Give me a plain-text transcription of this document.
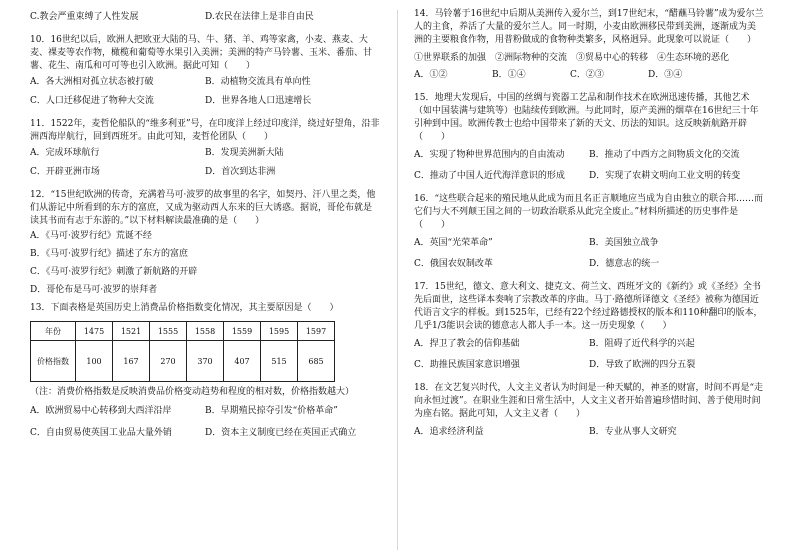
C.教会严重束缚了人性发展	D.农民在法律上是非自由民

10．16世纪以后，欧洲人把欧亚大陆的马、牛、猪、羊、鸡等家禽，小麦、燕麦、大麦、裸麦等农作物，橄榄和葡萄等水果引入美洲；美洲的特产马铃薯、玉米、番茄、甘薯、花生、南瓜和可可等也引入欧洲。据此可知（　　）

A．各大洲相对孤立状态被打破	B．动植物交流具有单向性
C．人口迁移促进了物种大交流	D．世界各地人口迅速增长

11．1522年，麦哲伦船队的“维多利亚”号，在印度洋上经过印度洋，绕过好望角，沿非洲西海岸航行，回到西班牙。由此可知，麦哲伦团队（　　）

A．完成环球航行	B．发现美洲新大陆
C．开辟亚洲市场	D．首次到达非洲

12．“15世纪欧洲的传奇，充满着马可·波罗的故事里的名字，如契丹、汗八里之类，他们从游记中所看到的东方的富庶，又成为驱动西人东来的巨大诱惑。据说，哥伦布就是读其书而有志于东游的。”以下材料解读最准确的是（　　）

A．《马可·波罗行纪》荒诞不经
B．《马可·波罗行纪》描述了东方的富庶
C．《马可·波罗行纪》刺激了新航路的开辟
D．哥伦布是马可·波罗的崇拜者

13．下面表格是英国历史上消费品价格指数变化情况，其主要原因是（　　）

年份	1475	1521	1555	1558	1559	1595	1597
价格指数	100	167	270	370	407	515	685

（注：消费价格指数是反映消费品价格变动趋势和程度的相对数，价格指数越大）

A．欧洲贸易中心转移到大西洋沿岸	B．早期殖民掠夺引发“价格革命”
C．自由贸易使英国工业品大量外销	D．资本主义制度已经在英国正式确立

14．马铃薯于16世纪中后期从美洲传入爱尔兰，到17世纪末，“醋蘸马铃薯”成为爱尔兰人的主食，养活了大量的爱尔兰人。同一时期，小麦由欧洲移民带到美洲，逐渐成为美洲的主要粮食作物，用普粉做成的食物种类繁多，风格迥异。此现象可以说证（　　）

①世界联系的加强　②洲际物种的交流　③贸易中心的转移　④生态环境的恶化

A．①②	B．①④	C．②③	D．③④

15．地理大发现后，中国的丝绸与瓷器工艺品和制作技术在欧洲迅速传播，其他艺术（如中国装满与建筑等）也陆续传到欧洲。与此同时，原产美洲的烟草在16世纪三十年引种到中国。欧洲传教士也给中国带来了新的天文、历法的知识。这反映新航路开辟（　　）

A．实现了物种世界范围内的自由流动	B．推动了中西方之间物质文化的交流
C．推动了中国人近代海洋意识的形成	D．实现了农耕文明向工业文明的转变

16．“这些联合起来的殖民地从此成为而且名正言顺地应当成为自由独立的联合邦……而它们与大不列颠王国之间的一切政治联系从此完全废止。”材料所描述的历史事件是（　　）

A．英国“光荣革命”	B．美国独立战争
C．俄国农奴制改革	D．德意志的统一

17．15世纪，德文、意大利文、捷克文、荷兰文、西班牙文的《新约》或《圣经》全书先后面世，这些译本奏响了宗教改革的序曲。马丁·路德所译德文《圣经》被称为德国近代语言文字的样板。到1525年，已经有22个经过路德授权的版本和110种翻印的版本，几乎1/3能识会读的德意志人都人手一本。这一历史现象（　　）

A．捍卫了教会的信仰基础	B．阻碍了近代科学的兴起
C．助推民族国家意识增强	D．导致了欧洲的四分五裂

18．在文艺复兴时代，人文主义者认为时间是一种天赋的，神圣的财富，时间不再是“走向永恒过渡”。在职业生涯和日常生活中，人文主义者开始普遍珍惜时间、善于使用时间为座右铭。据此可知，人文主义者（　　）

A．追求经济利益	B．专业从事人文研究
